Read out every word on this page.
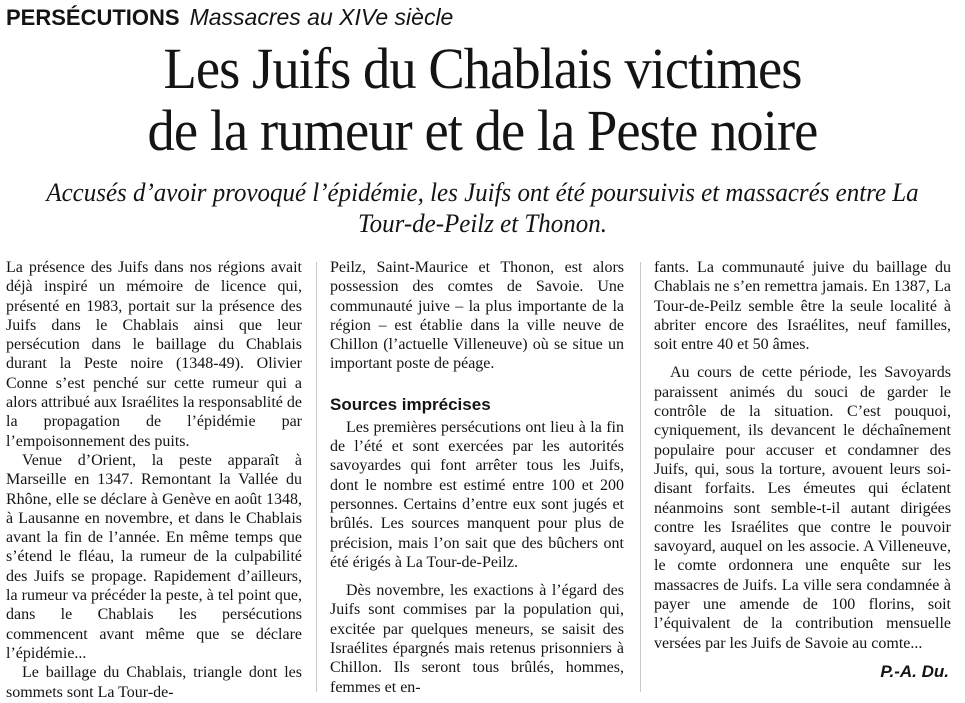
PERSÉCUTIONS Massacres au XIVe siècle
Les Juifs du Chablais victimes
de la rumeur et de la Peste noire
Accusés d’avoir provoqué l’épidémie, les Juifs ont été poursuivis et massacrés entre La Tour-de-Peilz et Thonon.

La présence des Juifs dans nos régions avait déjà inspiré un mémoire de licence qui, présenté en 1983, portait sur la présence des Juifs dans le Chablais ainsi que leur persécution dans le baillage du Chablais durant la Peste noire (1348-49). Olivier Conne s’est penché sur cette rumeur qui a alors attribué aux Israélites la responsablité de la propagation de l’épidémie par l’empoisonnement des puits.

Venue d’Orient, la peste apparaît à Marseille en 1347. Remontant la Vallée du Rhône, elle se déclare à Genève en août 1348, à Lausanne en novembre, et dans le Chablais avant la fin de l’année. En même temps que s’étend le fléau, la rumeur de la culpabilité des Juifs se propage. Rapidement d’ailleurs, la rumeur va précéder la peste, à tel point que, dans le Chablais les persécutions commencent avant même que se déclare l’épidémie...

Le baillage du Chablais, triangle dont les sommets sont La Tour-de-

Peilz, Saint-Maurice et Thonon, est alors possession des comtes de Savoie. Une communauté juive – la plus importante de la région – est établie dans la ville neuve de Chillon (l’actuelle Villeneuve) où se situe un important poste de péage.

Sources imprécises

Les premières persécutions ont lieu à la fin de l’été et sont exercées par les autorités savoyardes qui font arrêter tous les Juifs, dont le nombre est estimé entre 100 et 200 personnes. Certains d’entre eux sont jugés et brûlés. Les sources manquent pour plus de précision, mais l’on sait que des bûchers ont été érigés à La Tour-de-Peilz.

Dès novembre, les exactions à l’égard des Juifs sont commises par la population qui, excitée par quelques meneurs, se saisit des Israélites épargnés mais retenus prisonniers à Chillon. Ils seront tous brûlés, hommes, femmes et en-

fants. La communauté juive du baillage du Chablais ne s’en remettra jamais. En 1387, La Tour-de-Peilz semble être la seule localité à abriter encore des Israélites, neuf familles, soit entre 40 et 50 âmes.

Au cours de cette période, les Savoyards paraissent animés du souci de garder le contrôle de la situation. C’est pouquoi, cyniquement, ils devancent le déchaînement populaire pour accuser et condamner des Juifs, qui, sous la torture, avouent leurs soi-disant forfaits. Les émeutes qui éclatent néanmoins sont semble-t-il autant dirigées contre les Israélites que contre le pouvoir savoyard, auquel on les associe. A Villeneuve, le comte ordonnera une enquête sur les massacres de Juifs. La ville sera condamnée à payer une amende de 100 florins, soit l’équivalent de la contribution mensuelle versées par les Juifs de Savoie au comte...

P.-A. Du.
